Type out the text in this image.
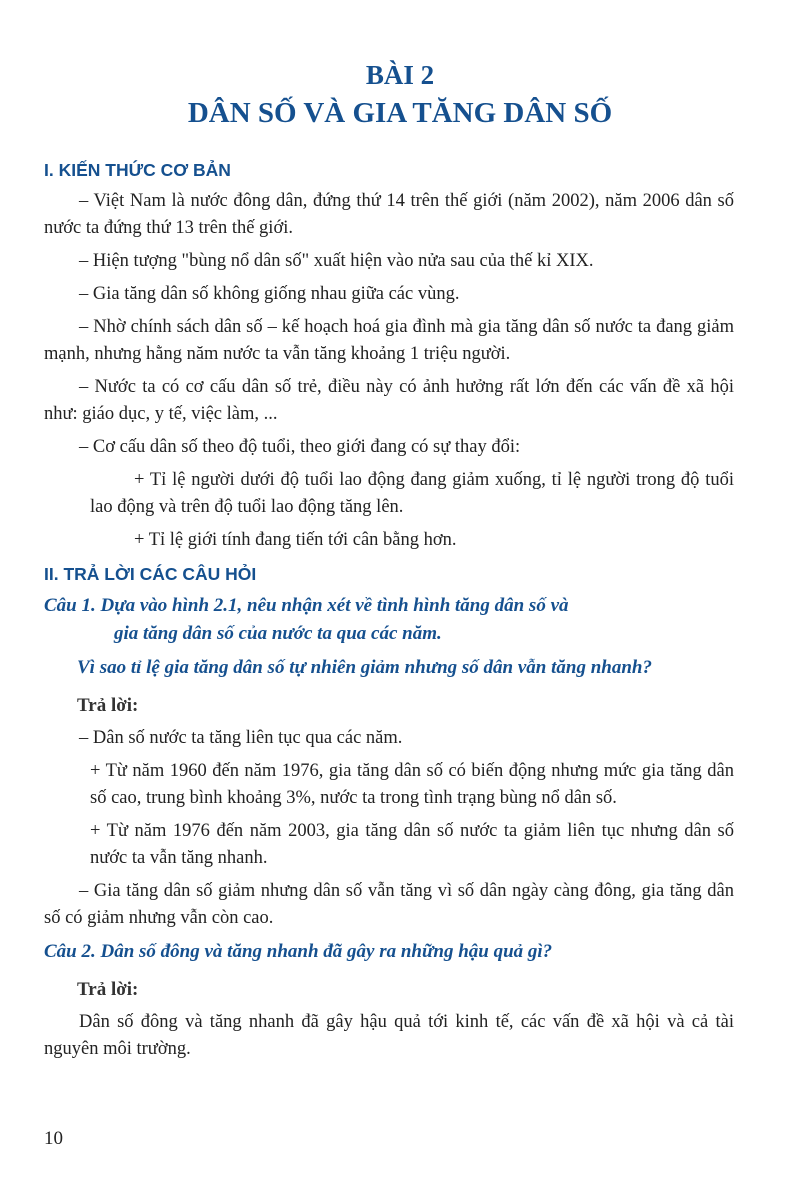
BÀI 2
DÂN SỐ VÀ GIA TĂNG DÂN SỐ

I. KIẾN THỨC CƠ BẢN

– Việt Nam là nước đông dân, đứng thứ 14 trên thế giới (năm 2002), năm 2006 dân số nước ta đứng thứ 13 trên thế giới.

– Hiện tượng "bùng nổ dân số" xuất hiện vào nửa sau của thế kỉ XIX.

– Gia tăng dân số không giống nhau giữa các vùng.

– Nhờ chính sách dân số – kế hoạch hoá gia đình mà gia tăng dân số nước ta đang giảm mạnh, nhưng hằng năm nước ta vẫn tăng khoảng 1 triệu người.

– Nước ta có cơ cấu dân số trẻ, điều này có ảnh hưởng rất lớn đến các vấn đề xã hội như: giáo dục, y tế, việc làm, ...

– Cơ cấu dân số theo độ tuổi, theo giới đang có sự thay đổi:

+ Tỉ lệ người dưới độ tuổi lao động đang giảm xuống, tỉ lệ người trong độ tuổi lao động và trên độ tuổi lao động tăng lên.

+ Tỉ lệ giới tính đang tiến tới cân bằng hơn.

II. TRẢ LỜI CÁC CÂU HỎI

Câu 1. Dựa vào hình 2.1, nêu nhận xét về tình hình tăng dân số và
gia tăng dân số của nước ta qua các năm.

Vì sao tỉ lệ gia tăng dân số tự nhiên giảm nhưng số dân vẫn tăng nhanh?

Trả lời:

– Dân số nước ta tăng liên tục qua các năm.

+ Từ năm 1960 đến năm 1976, gia tăng dân số có biến động nhưng mức gia tăng dân số cao, trung bình khoảng 3%, nước ta trong tình trạng bùng nổ dân số.

+ Từ năm 1976 đến năm 2003, gia tăng dân số nước ta giảm liên tục nhưng dân số nước ta vẫn tăng nhanh.

– Gia tăng dân số giảm nhưng dân số vẫn tăng vì số dân ngày càng đông, gia tăng dân số có giảm nhưng vẫn còn cao.

Câu 2. Dân số đông và tăng nhanh đã gây ra những hậu quả gì?

Trả lời:

Dân số đông và tăng nhanh đã gây hậu quả tới kinh tế, các vấn đề xã hội và cả tài nguyên môi trường.

10
